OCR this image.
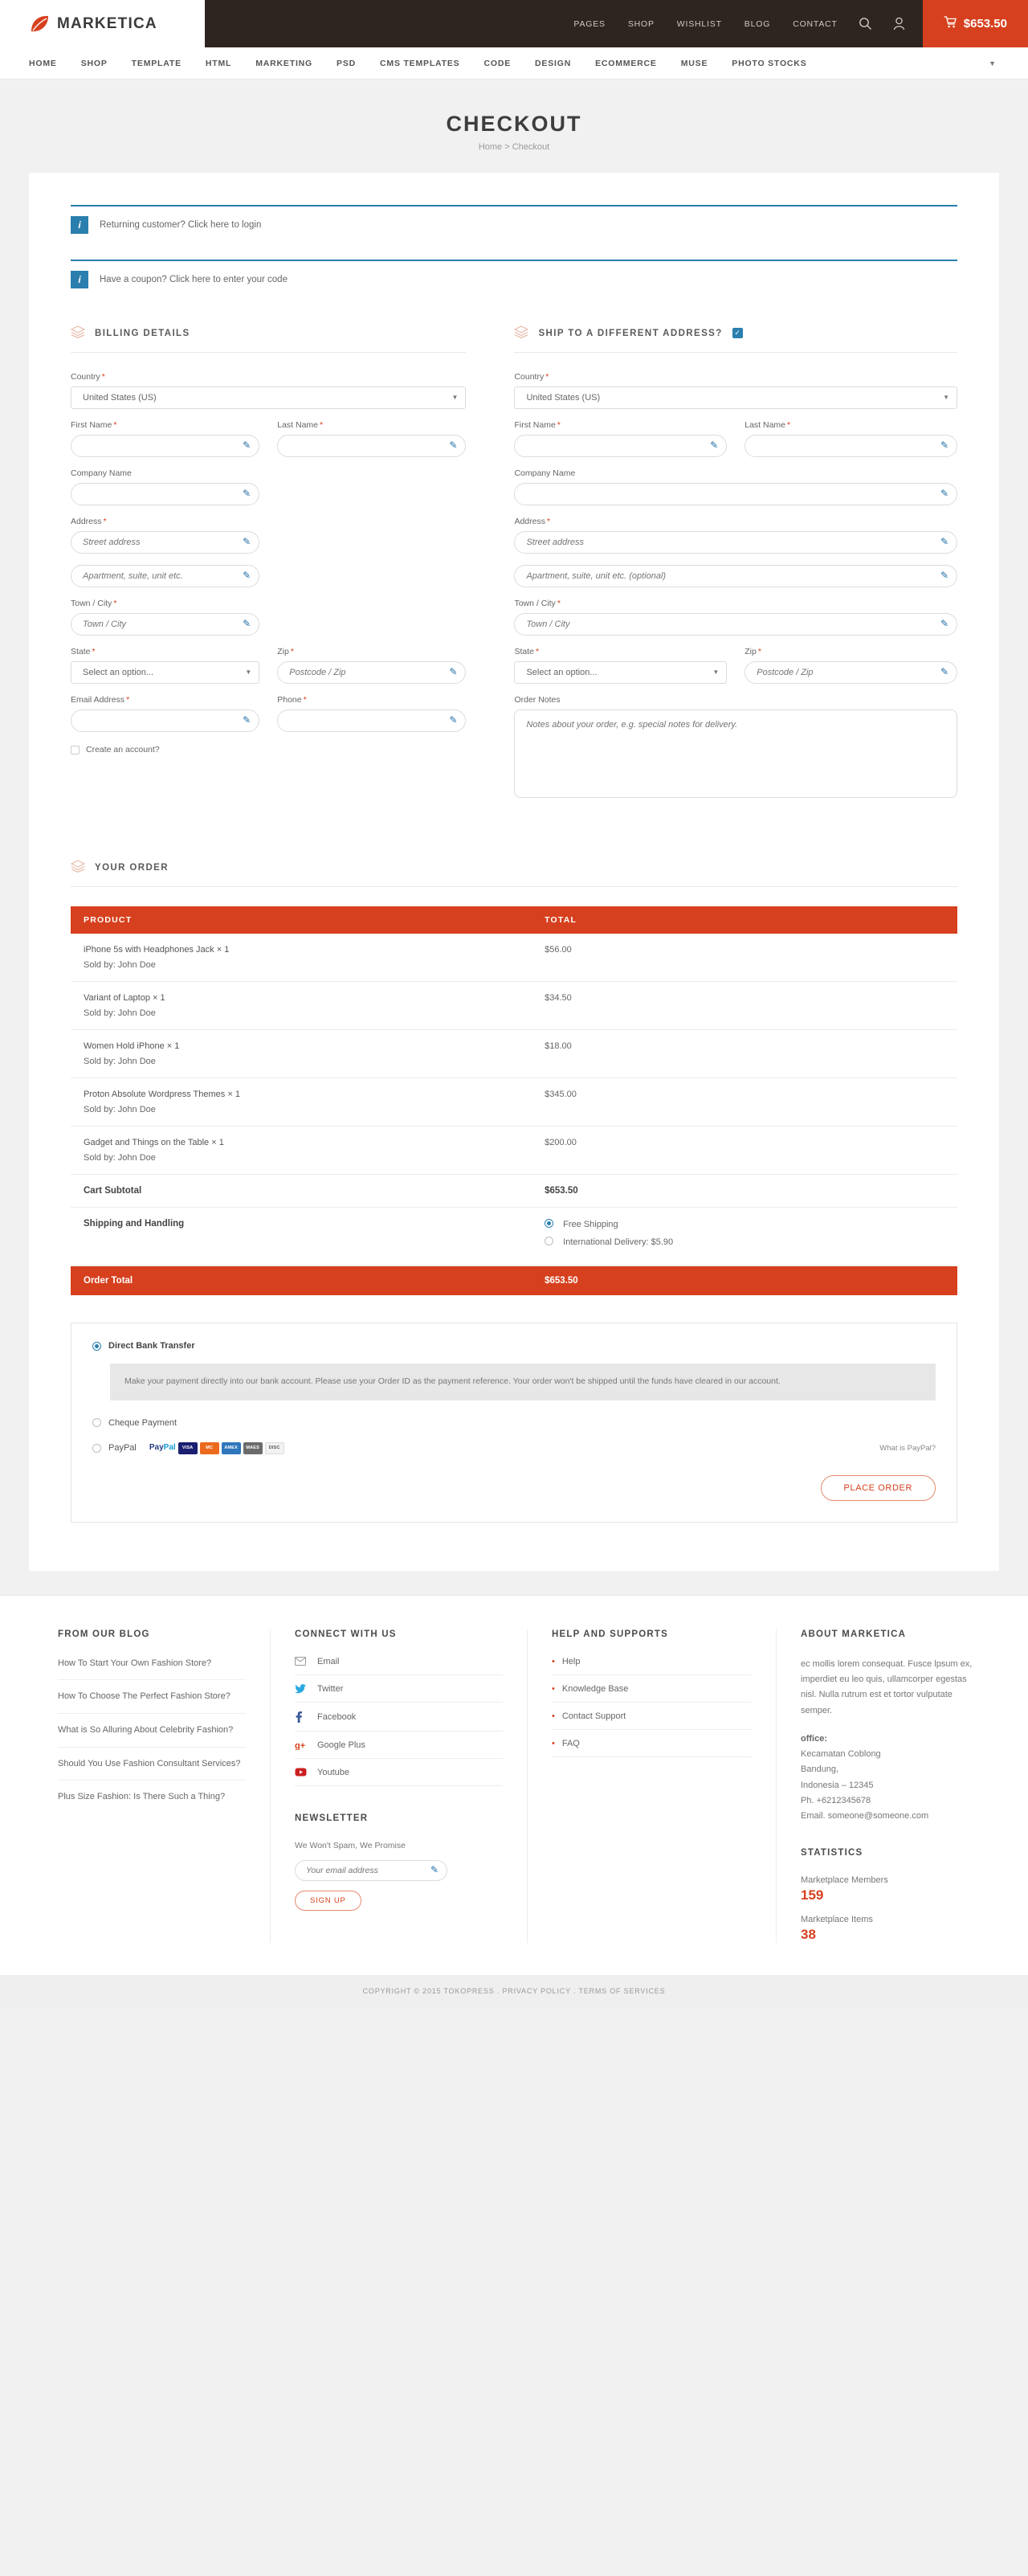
MARKETICA	PAGES	SHOP	WISHLIST	BLOG	CONTACT	$653.50
HOME	SHOP	TEMPLATE	HTML	MARKETING	PSD	CMS TEMPLATES	CODE	DESIGN	ECOMMERCE	MUSE	PHOTO STOCKS	▼
CHECKOUT
Home > Checkout
i	Returning customer? Click here to login
i	Have a coupon? Click here to enter your code
BILLING DETAILS
Country *
United States (US)
▼
First Name *
✎
Last Name *
✎
Company Name
✎
Address *
Street address
✎
Apartment, suite, unit etc.
✎
Town / City *
Town / City
✎
State *
Select an option...
▼
Zip *
Postcode / Zip
✎
Email Address *
✎
Phone *
✎
Create an account?
SHIP TO A DIFFERENT ADDRESS?	✓
Country *
United States (US)
▼
First Name *
✎
Last Name *
✎
Company Name
✎
Address *
Street address
✎
Apartment, suite, unit etc. (optional)
✎
Town / City *
Town / City
✎
State *
Select an option...
▼
Zip *
Postcode / Zip
✎
Order Notes
Notes about your order, e.g. special notes for delivery.
YOUR ORDER
PRODUCT	TOTAL

iPhone 5s with Headphones Jack × 1
Sold by: John Doe	$56.00

Variant of Laptop × 1
Sold by: John Doe	$34.50

Women Hold iPhone × 1
Sold by: John Doe	$18.00

Proton Absolute Wordpress Themes × 1
Sold by: John Doe	$345.00

Gadget and Things on the Table × 1
Sold by: John Doe	$200.00
Cart Subtotal	$653.50
Shipping and Handling	Free Shipping
International Delivery: $5.90

Order Total	$653.50
Direct Bank Transfer
Make your payment directly into our bank account. Please use your Order ID as the payment reference. Your order won't be shipped until the funds have cleared in our account.
Cheque Payment
PayPal PayPal	VISA	MC	AMEX	MAES	DISC	What is PayPal?
PLACE ORDER
FROM OUR BLOG
How To Start Your Own Fashion Store?
How To Choose The Perfect Fashion Store?
What is So Alluring About Celebrity Fashion?
Should You Use Fashion Consultant Services?
Plus Size Fashion: Is There Such a Thing?
CONNECT WITH US
Email
Twitter
Facebook
g+ Google Plus
Youtube
NEWSLETTER
We Won't Spam, We Promise
Your email address
✎
SIGN UP
HELP AND SUPPORTS
• Help
• Knowledge Base
• Contact Support
• FAQ
ABOUT MARKETICA

ec mollis lorem consequat. Fusce lpsum ex, imperdiet eu leo quis, ullamcorper egestas nisl. Nulla rutrum est et tortor vulputate semper.

office:
Kecamatan Coblong
Bandung,
Indonesia – 12345
Ph. +6212345678
Email. someone@someone.com

STATISTICS
Marketplace Members
159
Marketplace Items
38
COPYRIGHT © 2015 TOKOPRESS . PRIVACY POLICY . TERMS OF SERVICES
